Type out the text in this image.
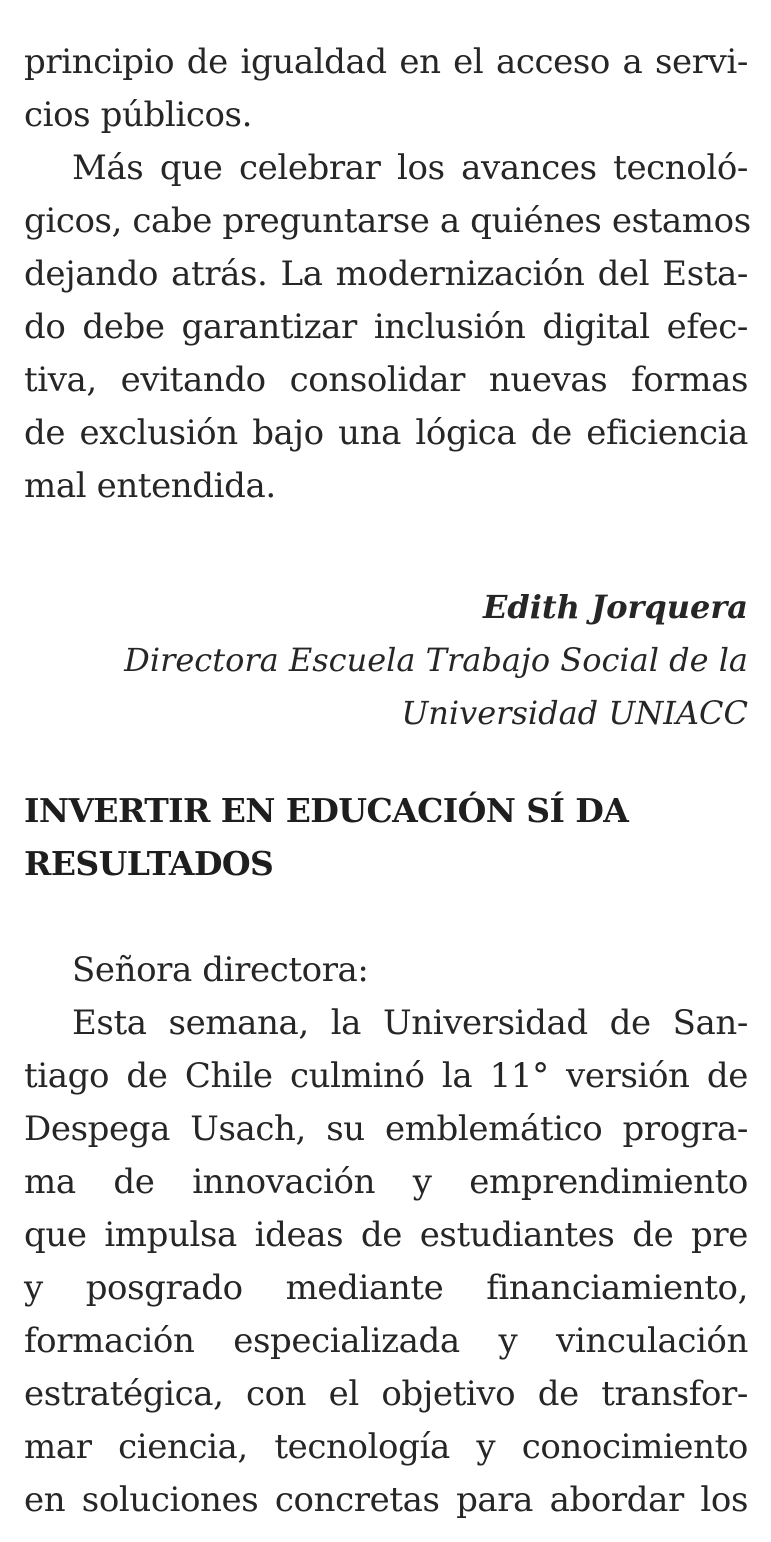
principio de igualdad en el acceso a servi-
cios públicos.
Más que celebrar los avances tecnoló-
gicos, cabe preguntarse a quiénes estamos
dejando atrás. La modernización del Esta-
do debe garantizar inclusión digital efec-
tiva, evitando consolidar nuevas formas
de exclusión bajo una lógica de eficiencia
mal entendida.
Edith Jorquera
Directora Escuela Trabajo Social de la
Universidad UNIACC
INVERTIR EN EDUCACIÓN SÍ DA
RESULTADOS
Señora directora:
Esta semana, la Universidad de San-
tiago de Chile culminó la 11° versión de
Despega Usach, su emblemático progra-
ma de innovación y emprendimiento
que impulsa ideas de estudiantes de pre
y posgrado mediante financiamiento,
formación especializada y vinculación
estratégica, con el objetivo de transfor-
mar ciencia, tecnología y conocimiento
en soluciones concretas para abordar los
